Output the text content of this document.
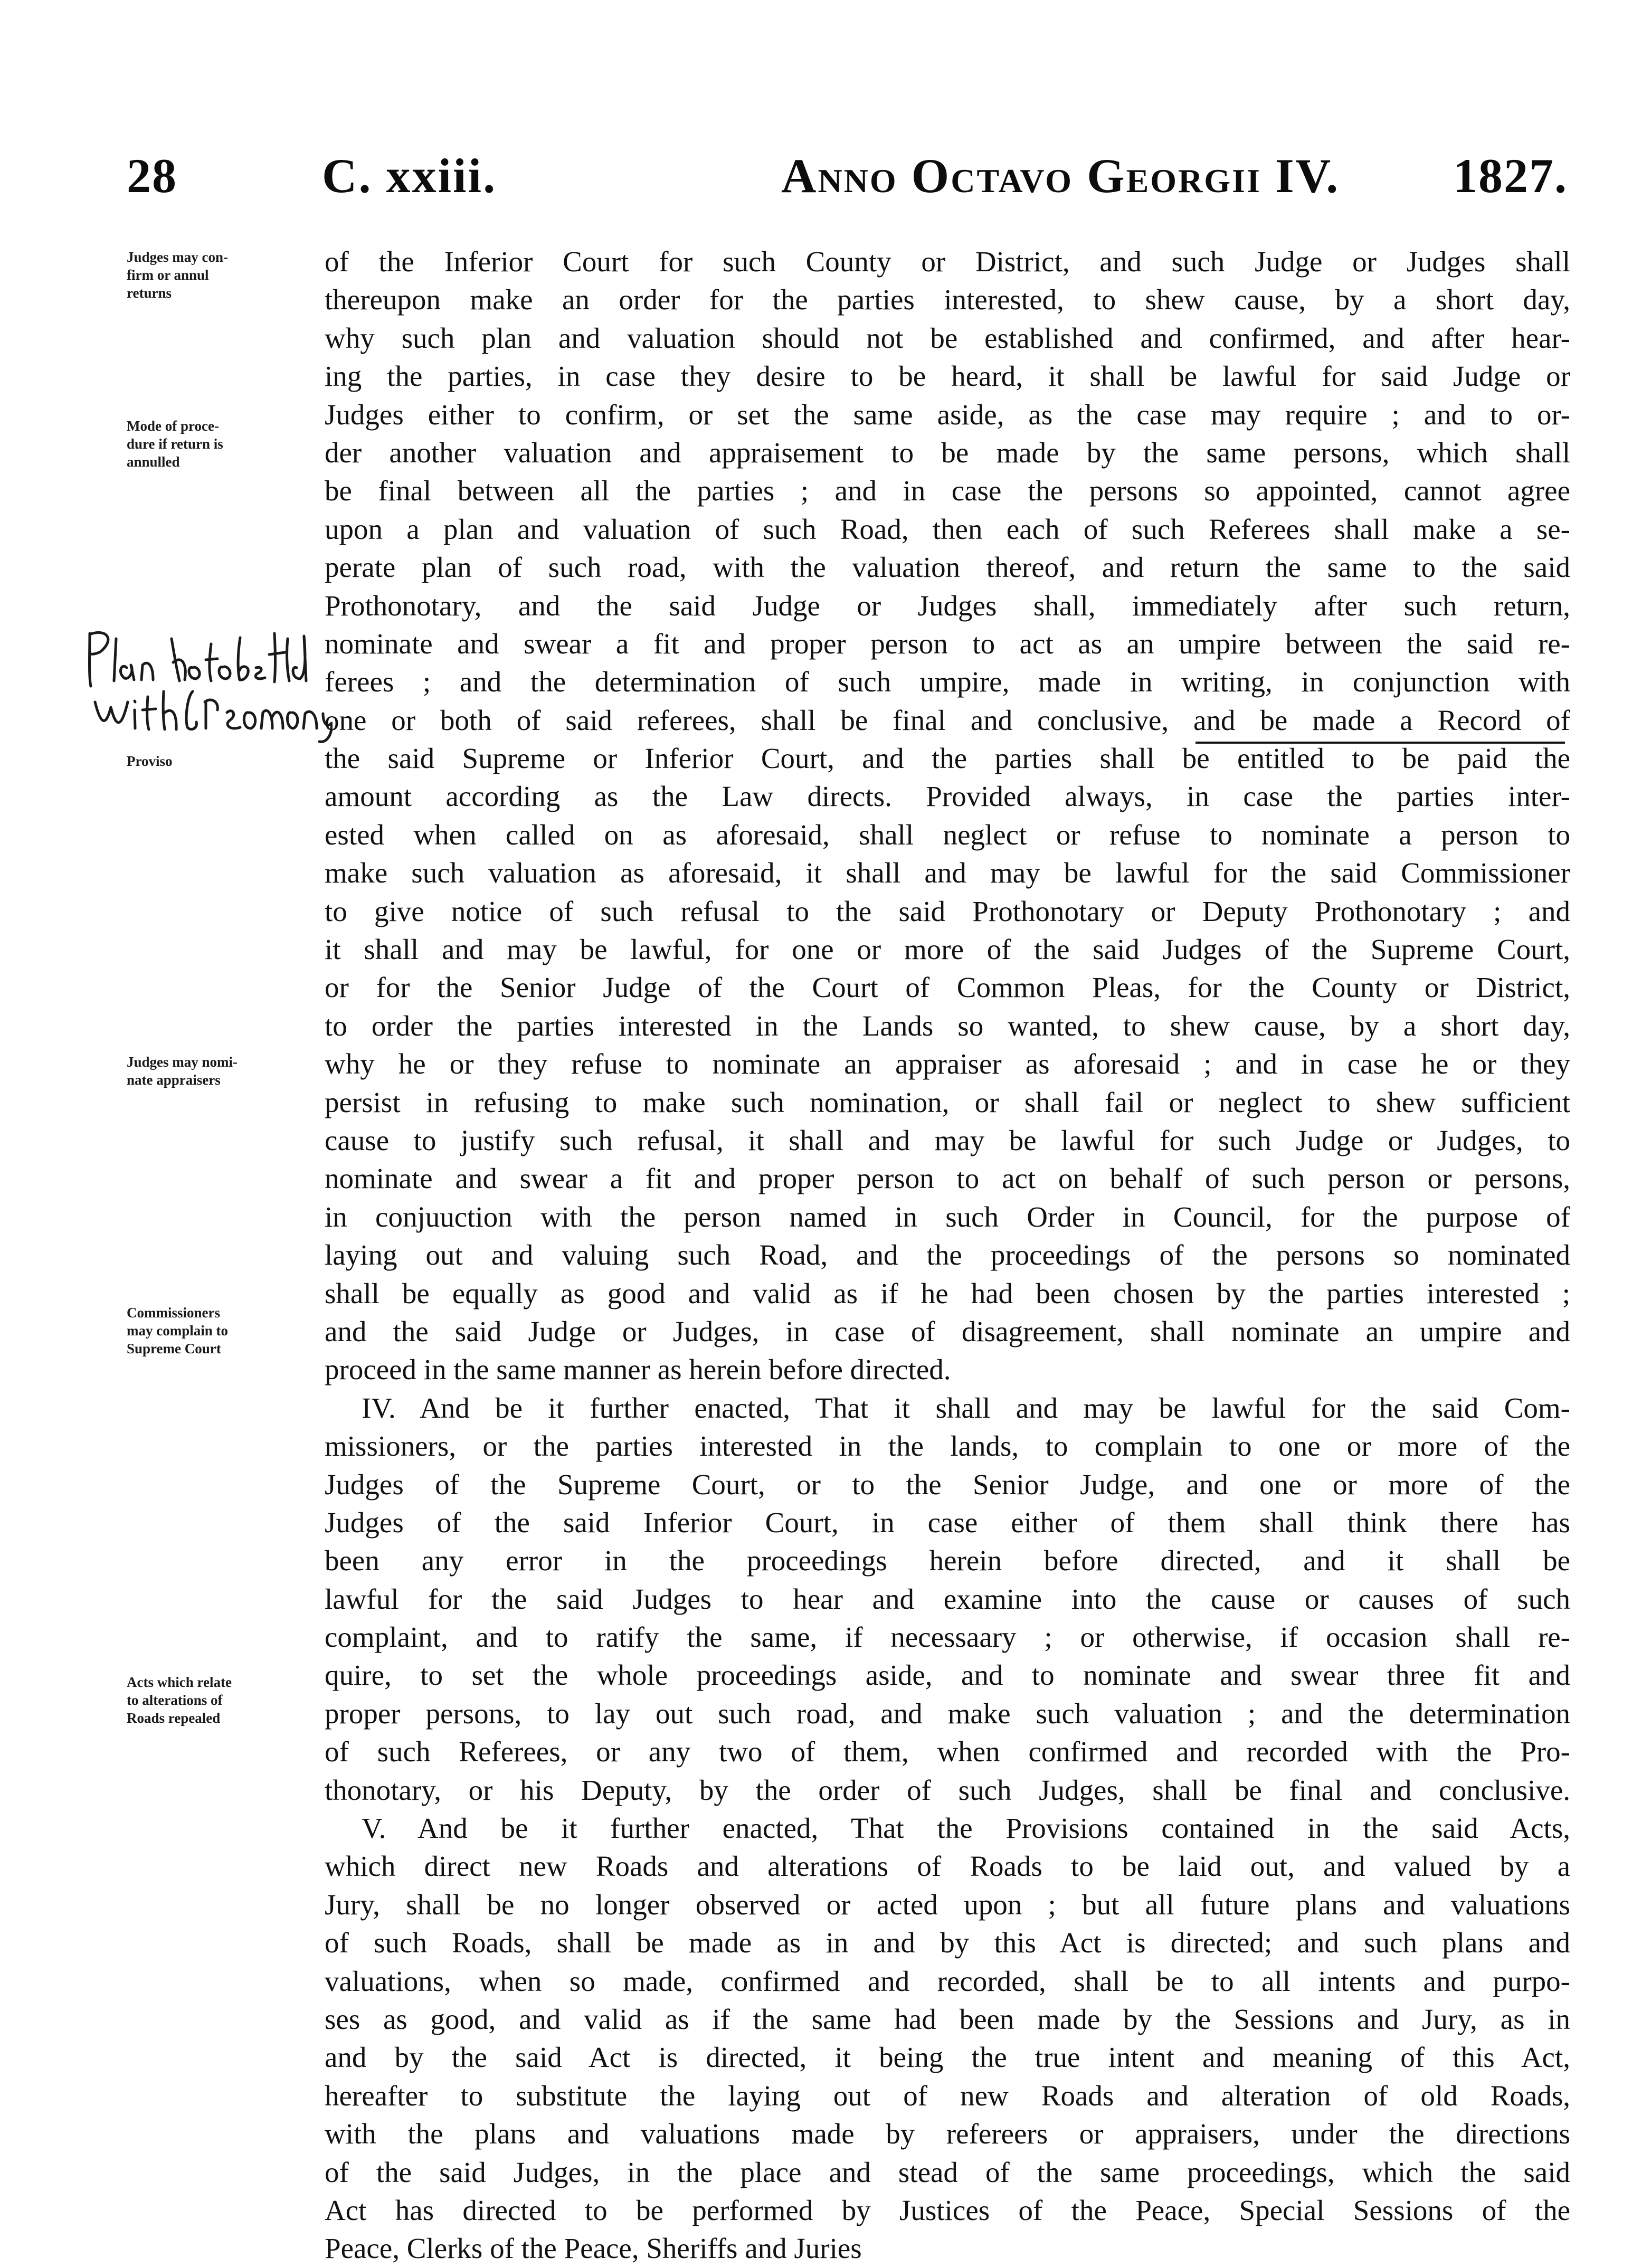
28	C. xxiii.	Anno Octavo Georgii IV. 1827.
Judges may con-
firm or annul
returns
Mode of proce-
dure if return is
annulled
Proviso
Judges may nomi-
nate appraisers
Commissioners
may complain to
Supreme Court
Acts which relate
to alterations of
Roads repealed
of the Inferior Court for such County or District, and such Judge or Judges shall
thereupon make an order for the parties interested, to shew cause, by a short day,
why such plan and valuation should not be established and confirmed, and after hear-
ing the parties, in case they desire to be heard, it shall be lawful for said Judge or
Judges either to confirm, or set the same aside, as the case may require ; and to or-
der another valuation and appraisement to be made by the same persons, which shall
be final between all the parties ; and in case the persons so appointed, cannot agree
upon a plan and valuation of such Road, then each of such Referees shall make a se-
perate plan of such road, with the valuation thereof, and return the same to the said
Prothonotary, and the said Judge or Judges shall, immediately after such return,
nominate and swear a fit and proper person to act as an umpire between the said re-
ferees ; and the determination of such umpire, made in writing, in conjunction with
one or both of said referees, shall be final and conclusive, and be made a Record of
the said Supreme or Inferior Court, and the parties shall be entitled to be paid the
amount according as the Law directs. Provided always, in case the parties inter-
ested when called on as aforesaid, shall neglect or refuse to nominate a person to
make such valuation as aforesaid, it shall and may be lawful for the said Commissioner
to give notice of such refusal to the said Prothonotary or Deputy Prothonotary ; and
it shall and may be lawful, for one or more of the said Judges of the Supreme Court,
or for the Senior Judge of the Court of Common Pleas, for the County or District,
to order the parties interested in the Lands so wanted, to shew cause, by a short day,
why he or they refuse to nominate an appraiser as aforesaid ; and in case he or they
persist in refusing to make such nomination, or shall fail or neglect to shew sufficient
cause to justify such refusal, it shall and may be lawful for such Judge or Judges, to
nominate and swear a fit and proper person to act on behalf of such person or persons,
in conjuuction with the person named in such Order in Council, for the purpose of
laying out and valuing such Road, and the proceedings of the persons so nominated
shall be equally as good and valid as if he had been chosen by the parties interested ;
and the said Judge or Judges, in case of disagreement, shall nominate an umpire and
proceed in the same manner as herein before directed.
IV. And be it further enacted, That it shall and may be lawful for the said Com-
missioners, or the parties interested in the lands, to complain to one or more of the
Judges of the Supreme Court, or to the Senior Judge, and one or more of the
Judges of the said Inferior Court, in case either of them shall think there has
been any error in the proceedings herein before directed, and it shall be
lawful for the said Judges to hear and examine into the cause or causes of such
complaint, and to ratify the same, if necessaary ; or otherwise, if occasion shall re-
quire, to set the whole proceedings aside, and to nominate and swear three fit and
proper persons, to lay out such road, and make such valuation ; and the determination
of such Referees, or any two of them, when confirmed and recorded with the Pro-
thonotary, or his Deputy, by the order of such Judges, shall be final and conclusive.
V. And be it further enacted, That the Provisions contained in the said Acts,
which direct new Roads and alterations of Roads to be laid out, and valued by a
Jury, shall be no longer observed or acted upon ; but all future plans and valuations
of such Roads, shall be made as in and by this Act is directed; and such plans and
valuations, when so made, confirmed and recorded, shall be to all intents and purpo-
ses as good, and valid as if the same had been made by the Sessions and Jury, as in
and by the said Act is directed, it being the true intent and meaning of this Act,
hereafter to substitute the laying out of new Roads and alteration of old Roads,
with the plans and valuations made by refereers or appraisers, under the directions
of the said Judges, in the place and stead of the same proceedings, which the said
Act has directed to be performed by Justices of the Peace, Special Sessions of the
Peace, Clerks of the Peace, Sheriffs and Juries
